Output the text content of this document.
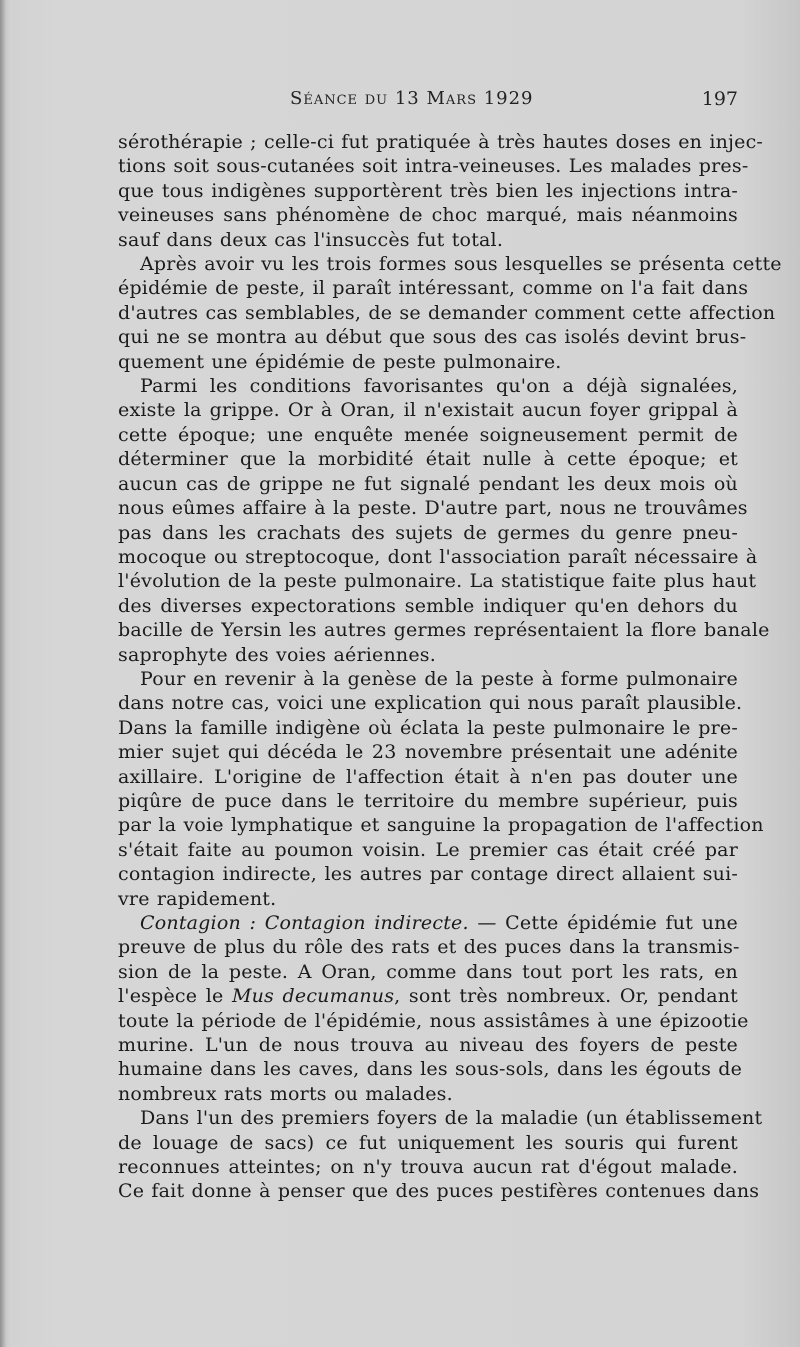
Séance du 13 Mars 1929	197
sérothérapie ; celle-ci fut pratiquée à très hautes doses en injec-
tions soit sous-cutanées soit intra-veineuses. Les malades pres-
que tous indigènes supportèrent très bien les injections intra-
veineuses sans phénomène de choc marqué, mais néanmoins
sauf dans deux cas l'insuccès fut total.
Après avoir vu les trois formes sous lesquelles se présenta cette
épidémie de peste, il paraît intéressant, comme on l'a fait dans
d'autres cas semblables, de se demander comment cette affection
qui ne se montra au début que sous des cas isolés devint brus-
quement une épidémie de peste pulmonaire.
Parmi les conditions favorisantes qu'on a déjà signalées,
existe la grippe. Or à Oran, il n'existait aucun foyer grippal à
cette époque; une enquête menée soigneusement permit de
déterminer que la morbidité était nulle à cette époque; et
aucun cas de grippe ne fut signalé pendant les deux mois où
nous eûmes affaire à la peste. D'autre part, nous ne trouvâmes
pas dans les crachats des sujets de germes du genre pneu-
mocoque ou streptocoque, dont l'association paraît nécessaire à
l'évolution de la peste pulmonaire. La statistique faite plus haut
des diverses expectorations semble indiquer qu'en dehors du
bacille de Yersin les autres germes représentaient la flore banale
saprophyte des voies aériennes.
Pour en revenir à la genèse de la peste à forme pulmonaire
dans notre cas, voici une explication qui nous paraît plausible.
Dans la famille indigène où éclata la peste pulmonaire le pre-
mier sujet qui décéda le 23 novembre présentait une adénite
axillaire. L'origine de l'affection était à n'en pas douter une
piqûre de puce dans le territoire du membre supérieur, puis
par la voie lymphatique et sanguine la propagation de l'affection
s'était faite au poumon voisin. Le premier cas était créé par
contagion indirecte, les autres par contage direct allaient sui-
vre rapidement.
Contagion : Contagion indirecte. — Cette épidémie fut une
preuve de plus du rôle des rats et des puces dans la transmis-
sion de la peste. A Oran, comme dans tout port les rats, en
l'espèce le Mus decumanus, sont très nombreux. Or, pendant
toute la période de l'épidémie, nous assistâmes à une épizootie
murine. L'un de nous trouva au niveau des foyers de peste
humaine dans les caves, dans les sous-sols, dans les égouts de
nombreux rats morts ou malades.
Dans l'un des premiers foyers de la maladie (un établissement
de louage de sacs) ce fut uniquement les souris qui furent
reconnues atteintes; on n'y trouva aucun rat d'égout malade.
Ce fait donne à penser que des puces pestifères contenues dans
